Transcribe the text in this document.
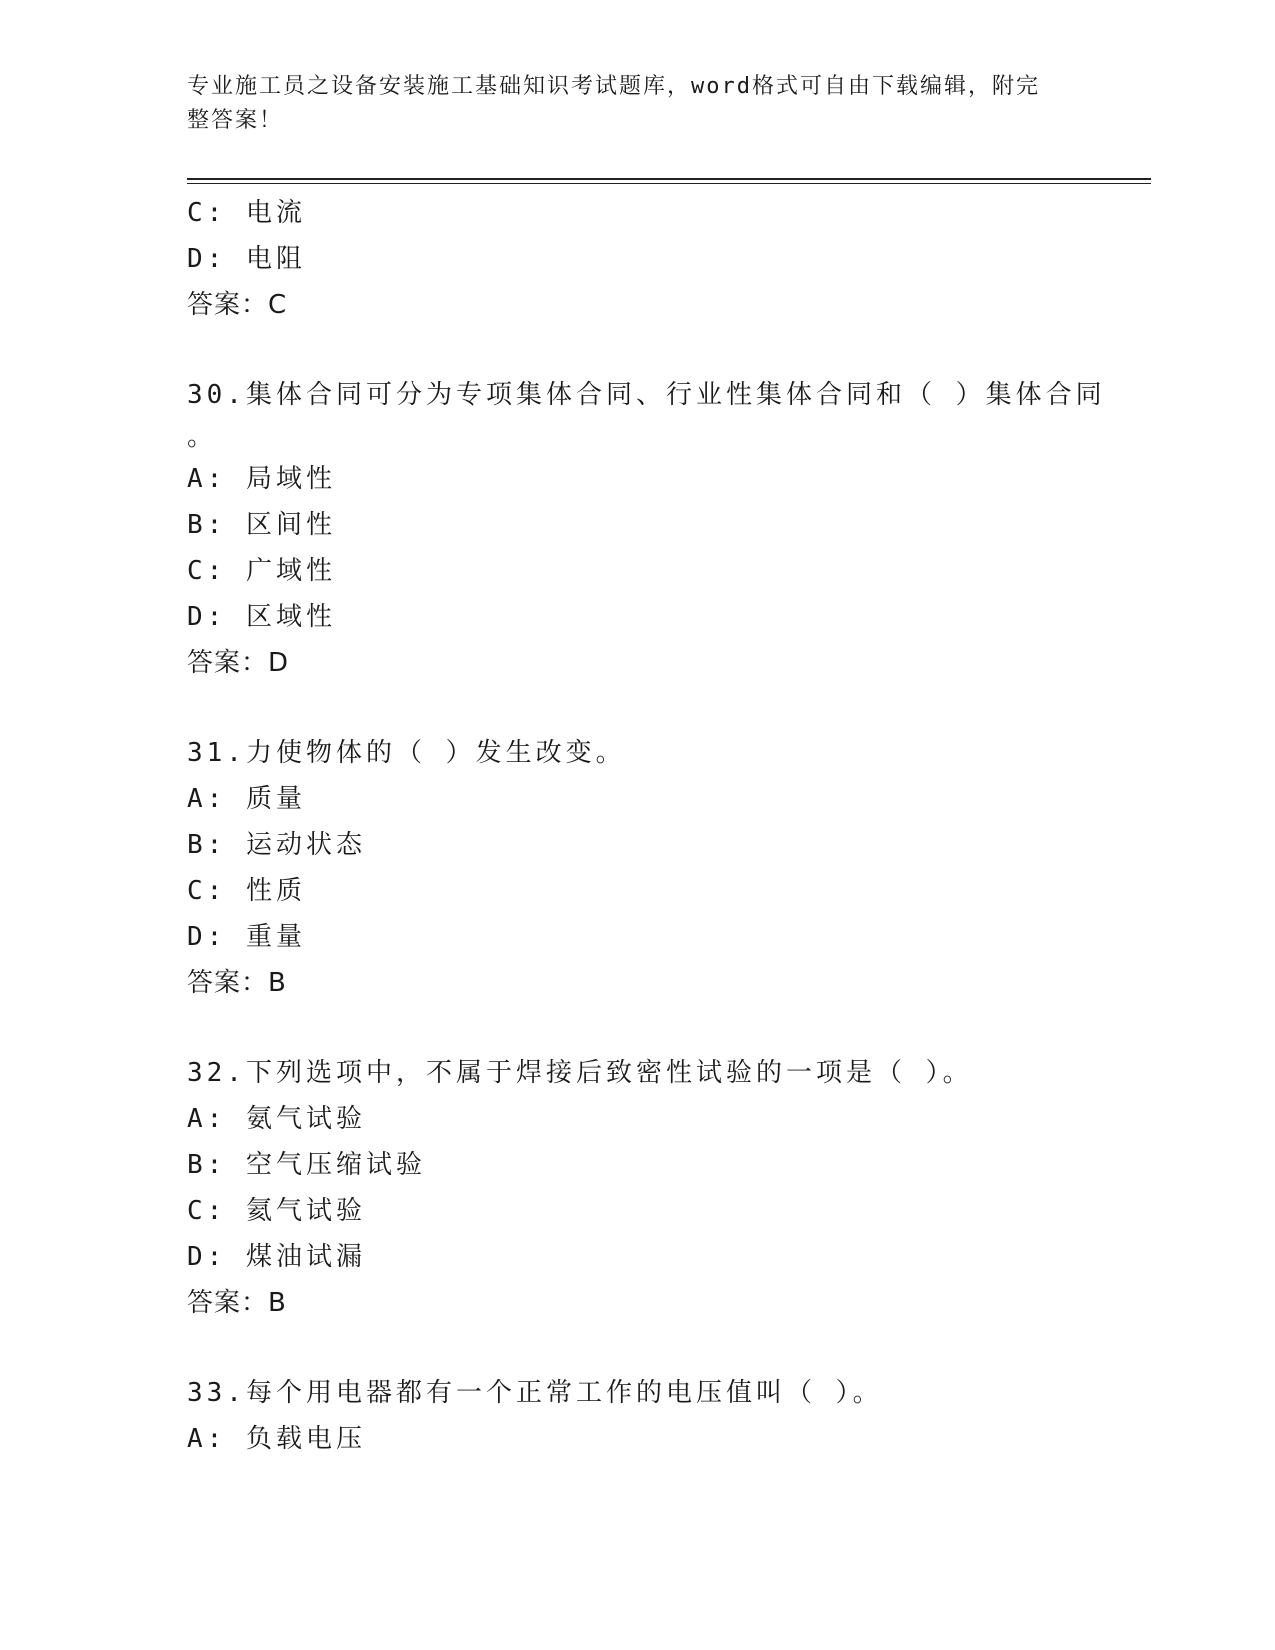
专业施工员之设备安装施工基础知识考试题库，word格式可自由下载编辑，附完
整答案！
C: 电流
D: 电阻
答案：C
30.集体合同可分为专项集体合同、行业性集体合同和（ ）集体合同
。
A: 局域性
B: 区间性
C: 广域性
D: 区域性
答案：D
31.力使物体的（ ）发生改变。
A: 质量
B: 运动状态
C: 性质
D: 重量
答案：B
32.下列选项中，不属于焊接后致密性试验的一项是（ ）。
A: 氨气试验
B: 空气压缩试验
C: 氦气试验
D: 煤油试漏
答案：B
33.每个用电器都有一个正常工作的电压值叫（ ）。
A: 负载电压
